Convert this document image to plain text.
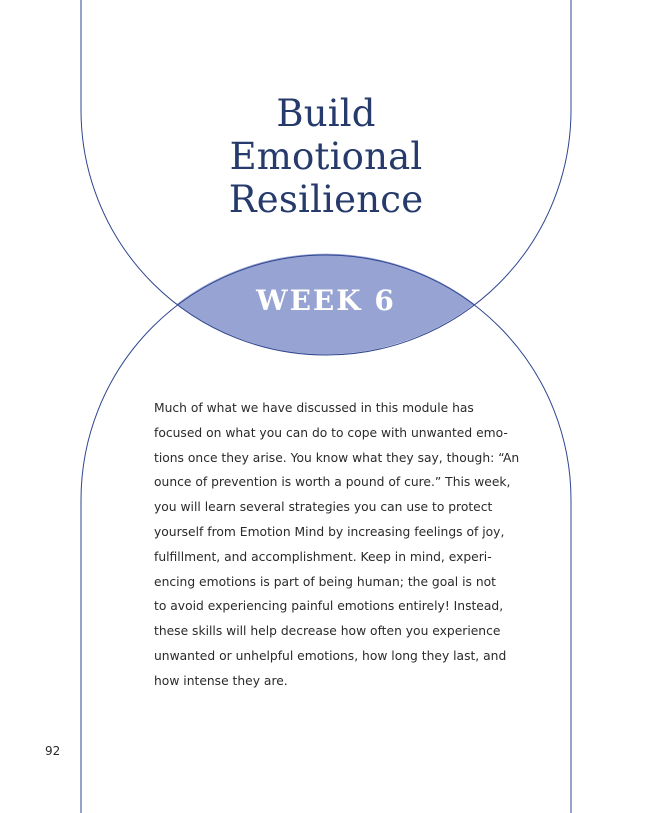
Build
Emotional
Resilience
WEEK 6

Much of what we have discussed in this module has
focused on what you can do to cope with unwanted emo-
tions once they arise. You know what they say, though: “An
ounce of prevention is worth a pound of cure.” This week,
you will learn several strategies you can use to protect
yourself from Emotion Mind by increasing feelings of joy,
fulfillment, and accomplishment. Keep in mind, experi-
encing emotions is part of being human; the goal is not
to avoid experiencing painful emotions entirely! Instead,
these skills will help decrease how often you experience
unwanted or unhelpful emotions, how long they last, and
how intense they are.

92
